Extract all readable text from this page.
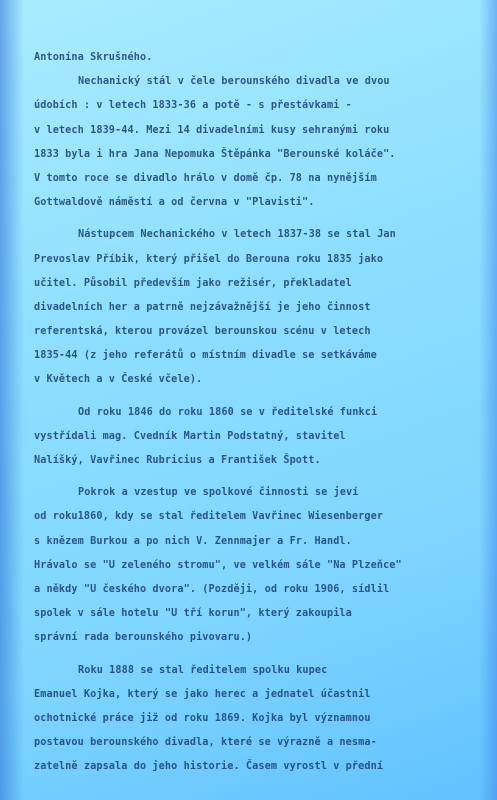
Antonína Skrušného.
Nechanický stál v čele berounského divadla ve dvou
údobích : v letech 1833-36 a potě - s přestávkami -
v letech 1839-44. Mezi 14 divadelními kusy sehranými roku
1833 byla i hra Jana Nepomuka Štěpánka "Berounské koláče".
V tomto roce se divadlo hrálo v domě čp. 78 na nynějším
Gottwaldově náměstí a od června v "Plavisti".
Nástupcem Nechanického v letech 1837-38 se stal Jan
Prevoslav Příbik, který přišel do Berouna roku 1835 jako
učitel. Působil především jako režisér, překladatel
divadelních her a patrně nejzávažnější je jeho činnost
referentská, kterou provázel berounskou scénu v letech
1835-44 (z jeho referátů o místním divadle se setkáváme
v Květech a v České včele).
Od roku 1846 do roku 1860 se v ředitelské funkci
vystřídali mag. Cvedník Martin Podstatný, stavitel
Nalíšký, Vavřinec Rubricius a František Špott.
Pokrok a vzestup ve spolkové činnosti se jeví
od roku1860, kdy se stal ředitelem Vavřinec Wiesenberger
s knězem Burkou a po nich V. Zennmajer a Fr. Handl.
Hrávalo se "U zeleného stromu", ve velkém sále "Na Plzeňce"
a někdy "U českého dvora". (Později, od roku 1906, sídlil
spolek v sále hotelu "U tří korun", který zakoupila
správní rada berounského pivovaru.)
Roku 1888 se stal ředitelem spolku kupec
Emanuel Kojka, který se jako herec a jednatel účastnil
ochotnické práce již od roku 1869. Kojka byl významnou
postavou berounského divadla, které se výrazně a nesma-
zatelně zapsala do jeho historie. Časem vyrostl v přední
